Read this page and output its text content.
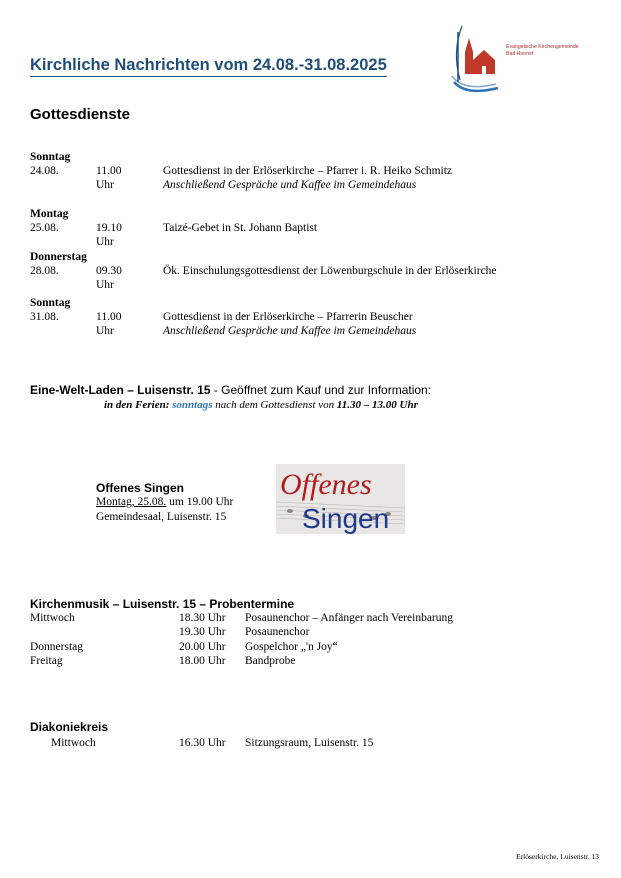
Kirchliche Nachrichten vom 24.08.-31.08.2025
Evangelische Kirchengemeinde
Bad Honnef
Gottesdienste
Sonntag
24.08.	11.00 Uhr
Gottesdienst in der Erlöserkirche – Pfarrer i. R. Heiko Schmitz
Anschließend Gespräche und Kaffee im Gemeindehaus
Montag
25.08.	19.10 Uhr
Taizé-Gebet in St. Johann Baptist
Donnerstag
28.08.	09.30 Uhr
Ök. Einschulungsgottesdienst der Löwenburgschule in der Erlöserkirche
Sonntag
31.08.	11.00 Uhr
Gottesdienst in der Erlöserkirche – Pfarrerin Beuscher
Anschließend Gespräche und Kaffee im Gemeindehaus
Eine-Welt-Laden – Luisenstr. 15 - Geöffnet zum Kauf und zur Information:
in den Ferien: sonntags nach dem Gottesdienst von 11.30 – 13.00 Uhr
Offenes Singen
Montag, 25.08. um 19.00 Uhr
Gemeindesaal, Luisenstr. 15
Offenes
Singen
Kirchenmusik – Luisenstr. 15 – Probentermine
Mittwoch	18.30 Uhr Posaunenchor – Anfänger nach Vereinbarung
19.30 Uhr Posaunenchor
Donnerstag	20.00 Uhr Gospelchor „'n Joy“
Freitag	18.00 Uhr Bandprobe
Diakoniekreis
Mittwoch	16.30 Uhr Sitzungsraum, Luisenstr. 15
Erlöserkirche, Luisenstr. 13
